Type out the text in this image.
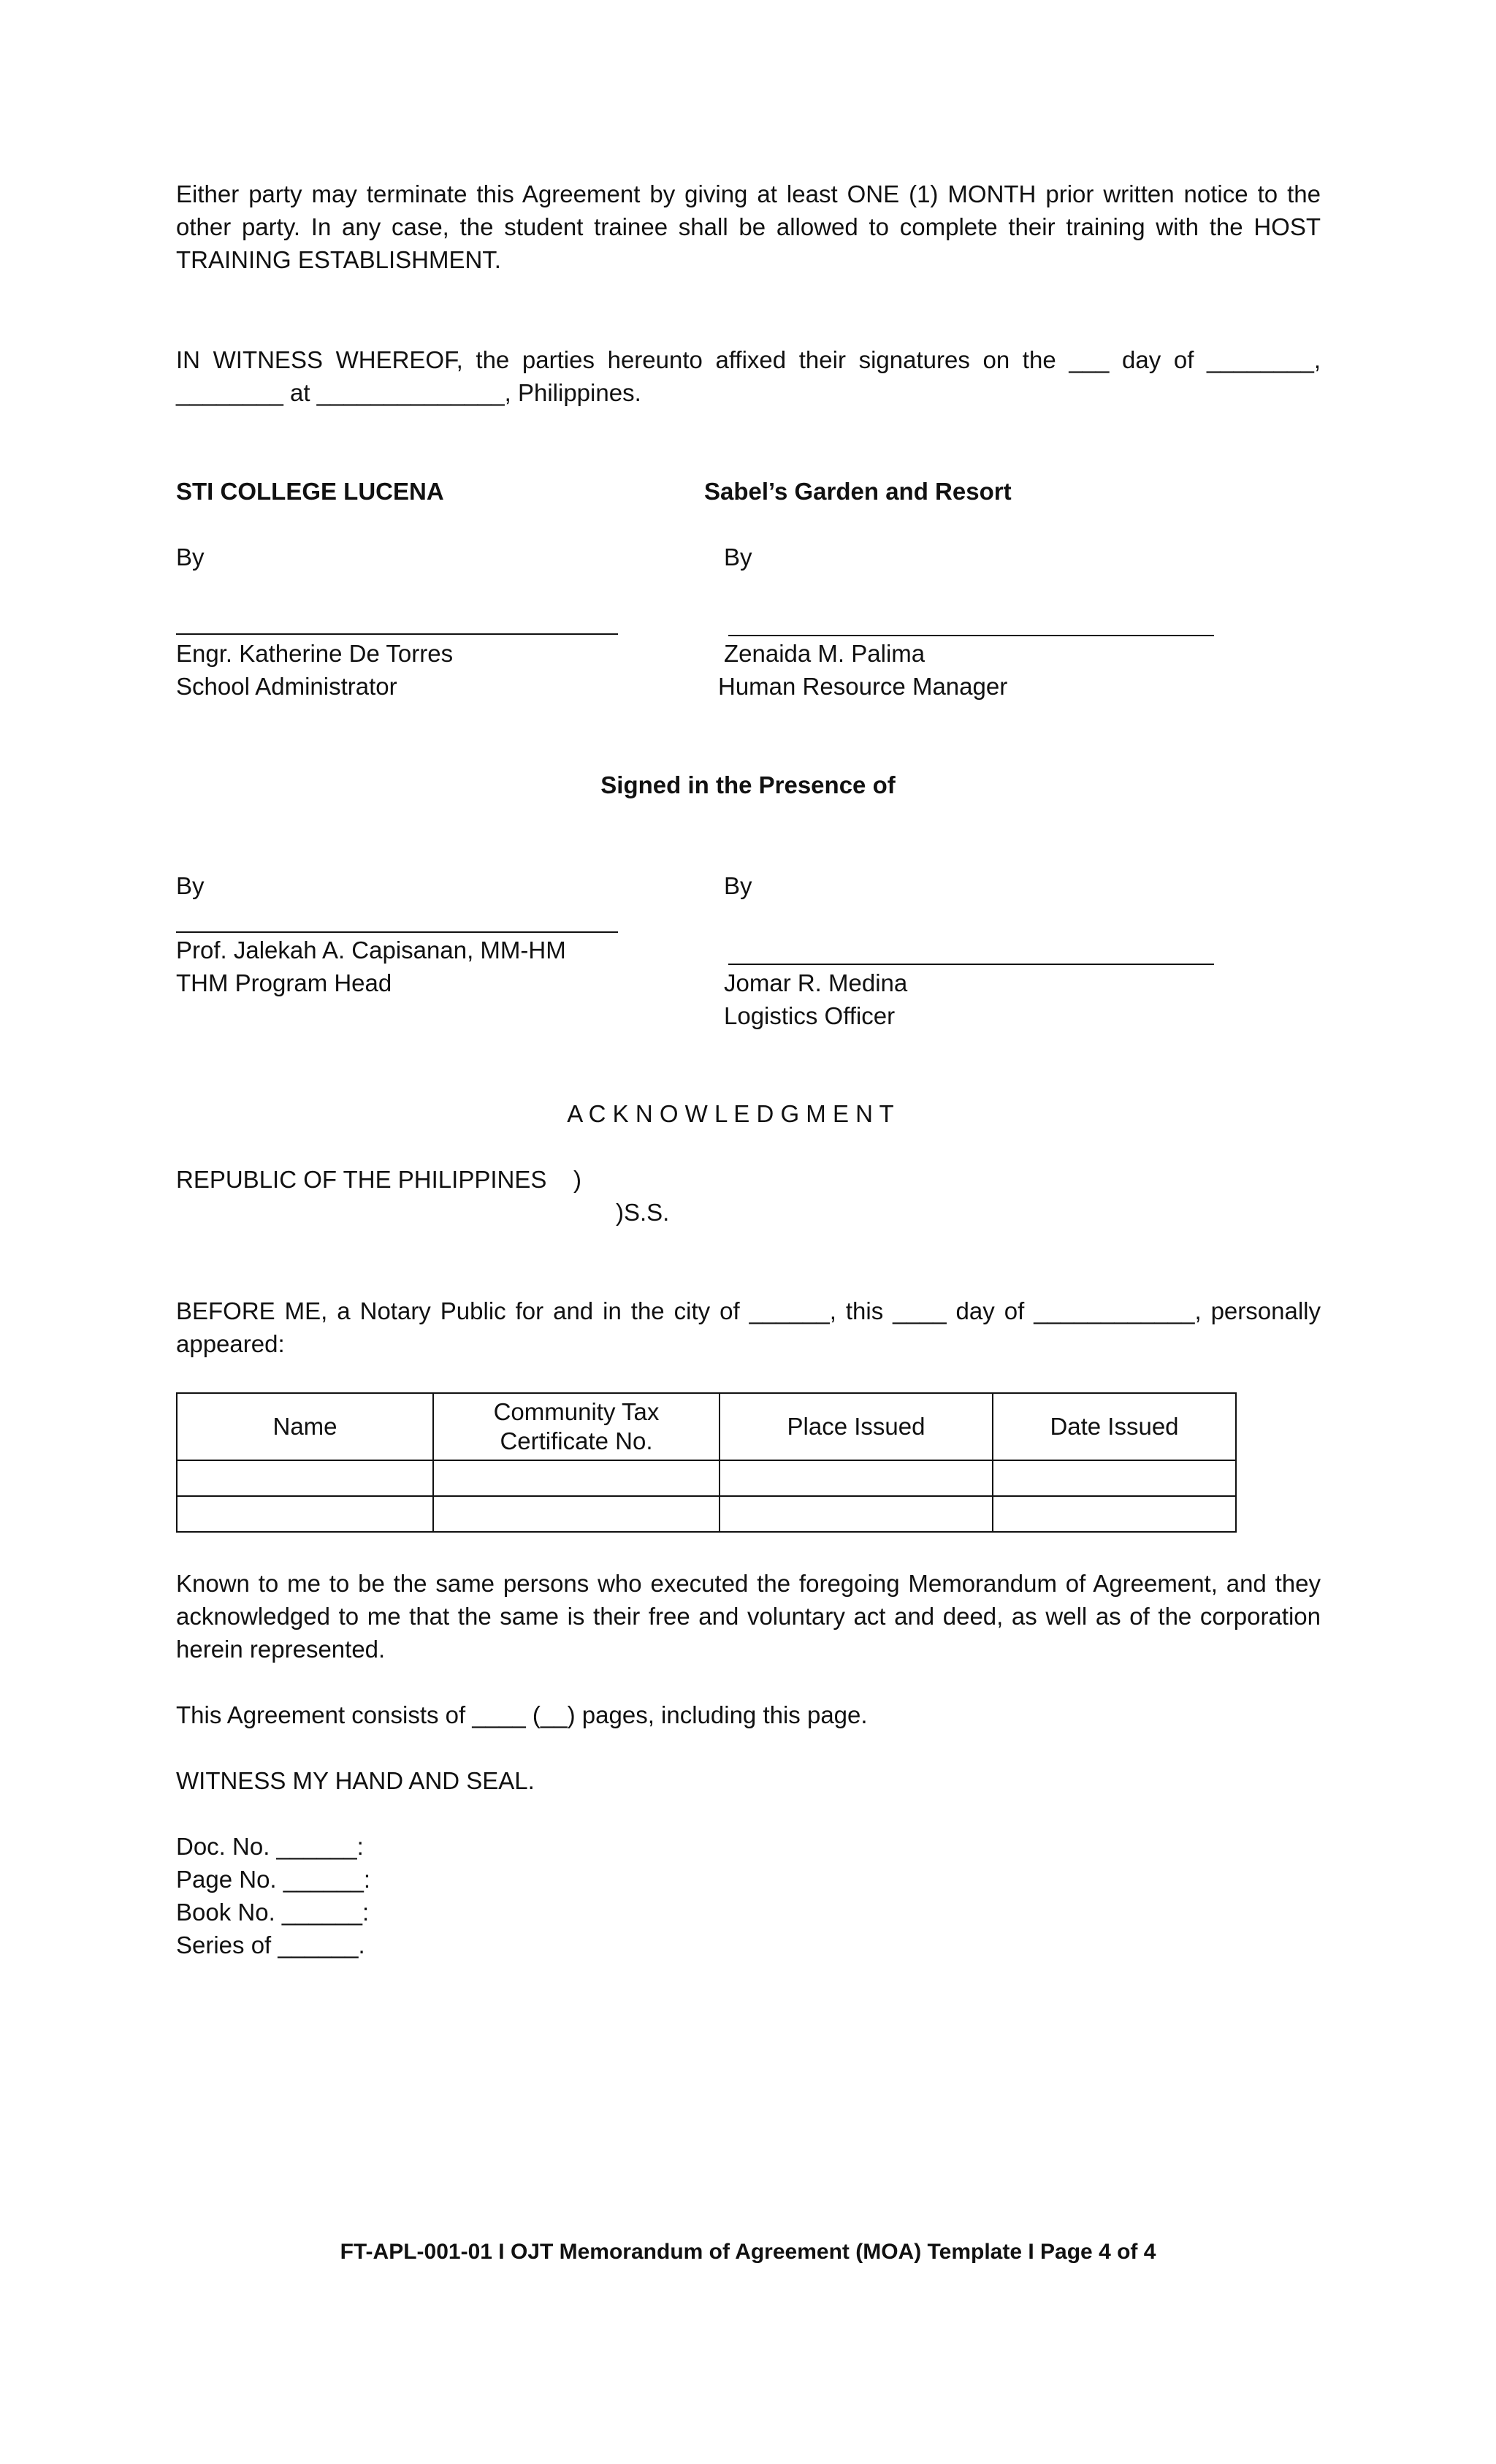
Either party may terminate this Agreement by giving at least ONE (1) MONTH prior written notice to the other party. In any case, the student trainee shall be allowed to complete their training with the HOST TRAINING ESTABLISHMENT.
IN WITNESS WHEREOF, the parties hereunto affixed their signatures on the ___ day of ________, ________ at ______________, Philippines.
STI COLLEGE LUCENA	Sabel’s Garden and Resort
By	By
Engr. Katherine De Torres	Zenaida M. Palima
School Administrator	Human Resource Manager
Signed in the Presence of
By	By
Prof. Jalekah A. Capisanan, MM-HM
THM Program Head	Jomar R. Medina
Logistics Officer
A C K N O W L E D G M E N T
REPUBLIC OF THE PHILIPPINES    )
)S.S.
BEFORE ME, a Notary Public for and in the city of ______, this ____ day of ____________, personally appeared:
Name	Community Tax Certificate No.	Place Issued	Date Issued

Known to me to be the same persons who executed the foregoing Memorandum of Agreement, and they acknowledged to me that the same is their free and voluntary act and deed, as well as of the corporation herein represented.
This Agreement consists of ____ (__) pages, including this page.
WITNESS MY HAND AND SEAL.
Doc. No. ______:
Page No. ______:
Book No. ______:
Series of ______.
FT-APL-001-01 I OJT Memorandum of Agreement (MOA) Template I Page 4 of 4
